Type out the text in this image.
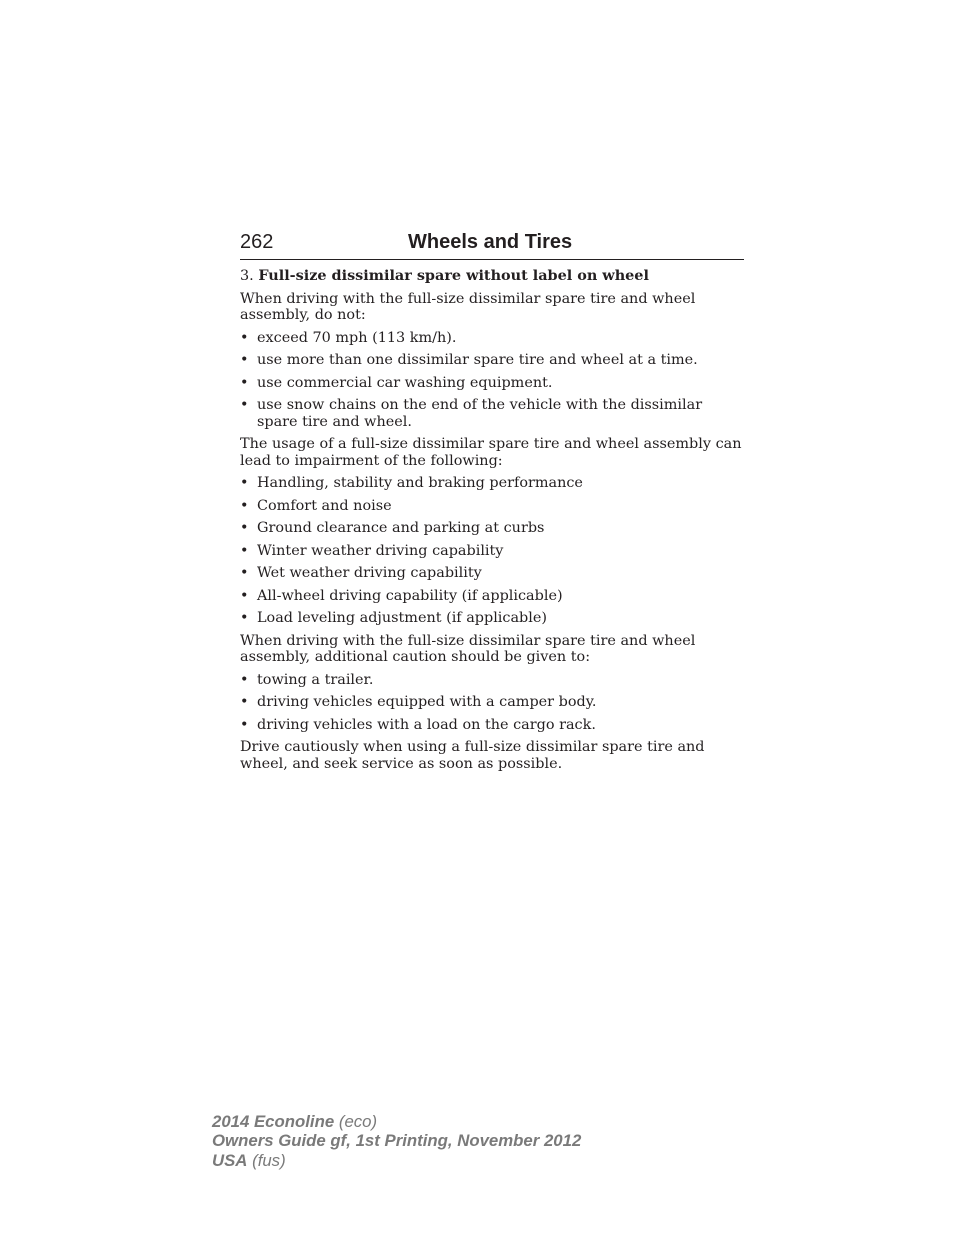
262	Wheels and Tires

3. Full-size dissimilar spare without label on wheel

When driving with the full-size dissimilar spare tire and wheel assembly, do not:

• exceed 70 mph (113 km/h).
• use more than one dissimilar spare tire and wheel at a time.
• use commercial car washing equipment.
• use snow chains on the end of the vehicle with the dissimilar spare tire and wheel.

The usage of a full-size dissimilar spare tire and wheel assembly can lead to impairment of the following:

• Handling, stability and braking performance
• Comfort and noise
• Ground clearance and parking at curbs
• Winter weather driving capability
• Wet weather driving capability
• All-wheel driving capability (if applicable)
• Load leveling adjustment (if applicable)

When driving with the full-size dissimilar spare tire and wheel assembly, additional caution should be given to:

• towing a trailer.
• driving vehicles equipped with a camper body.
• driving vehicles with a load on the cargo rack.

Drive cautiously when using a full-size dissimilar spare tire and wheel, and seek service as soon as possible.

2014 Econoline (eco)
Owners Guide gf, 1st Printing, November 2012
USA (fus)
